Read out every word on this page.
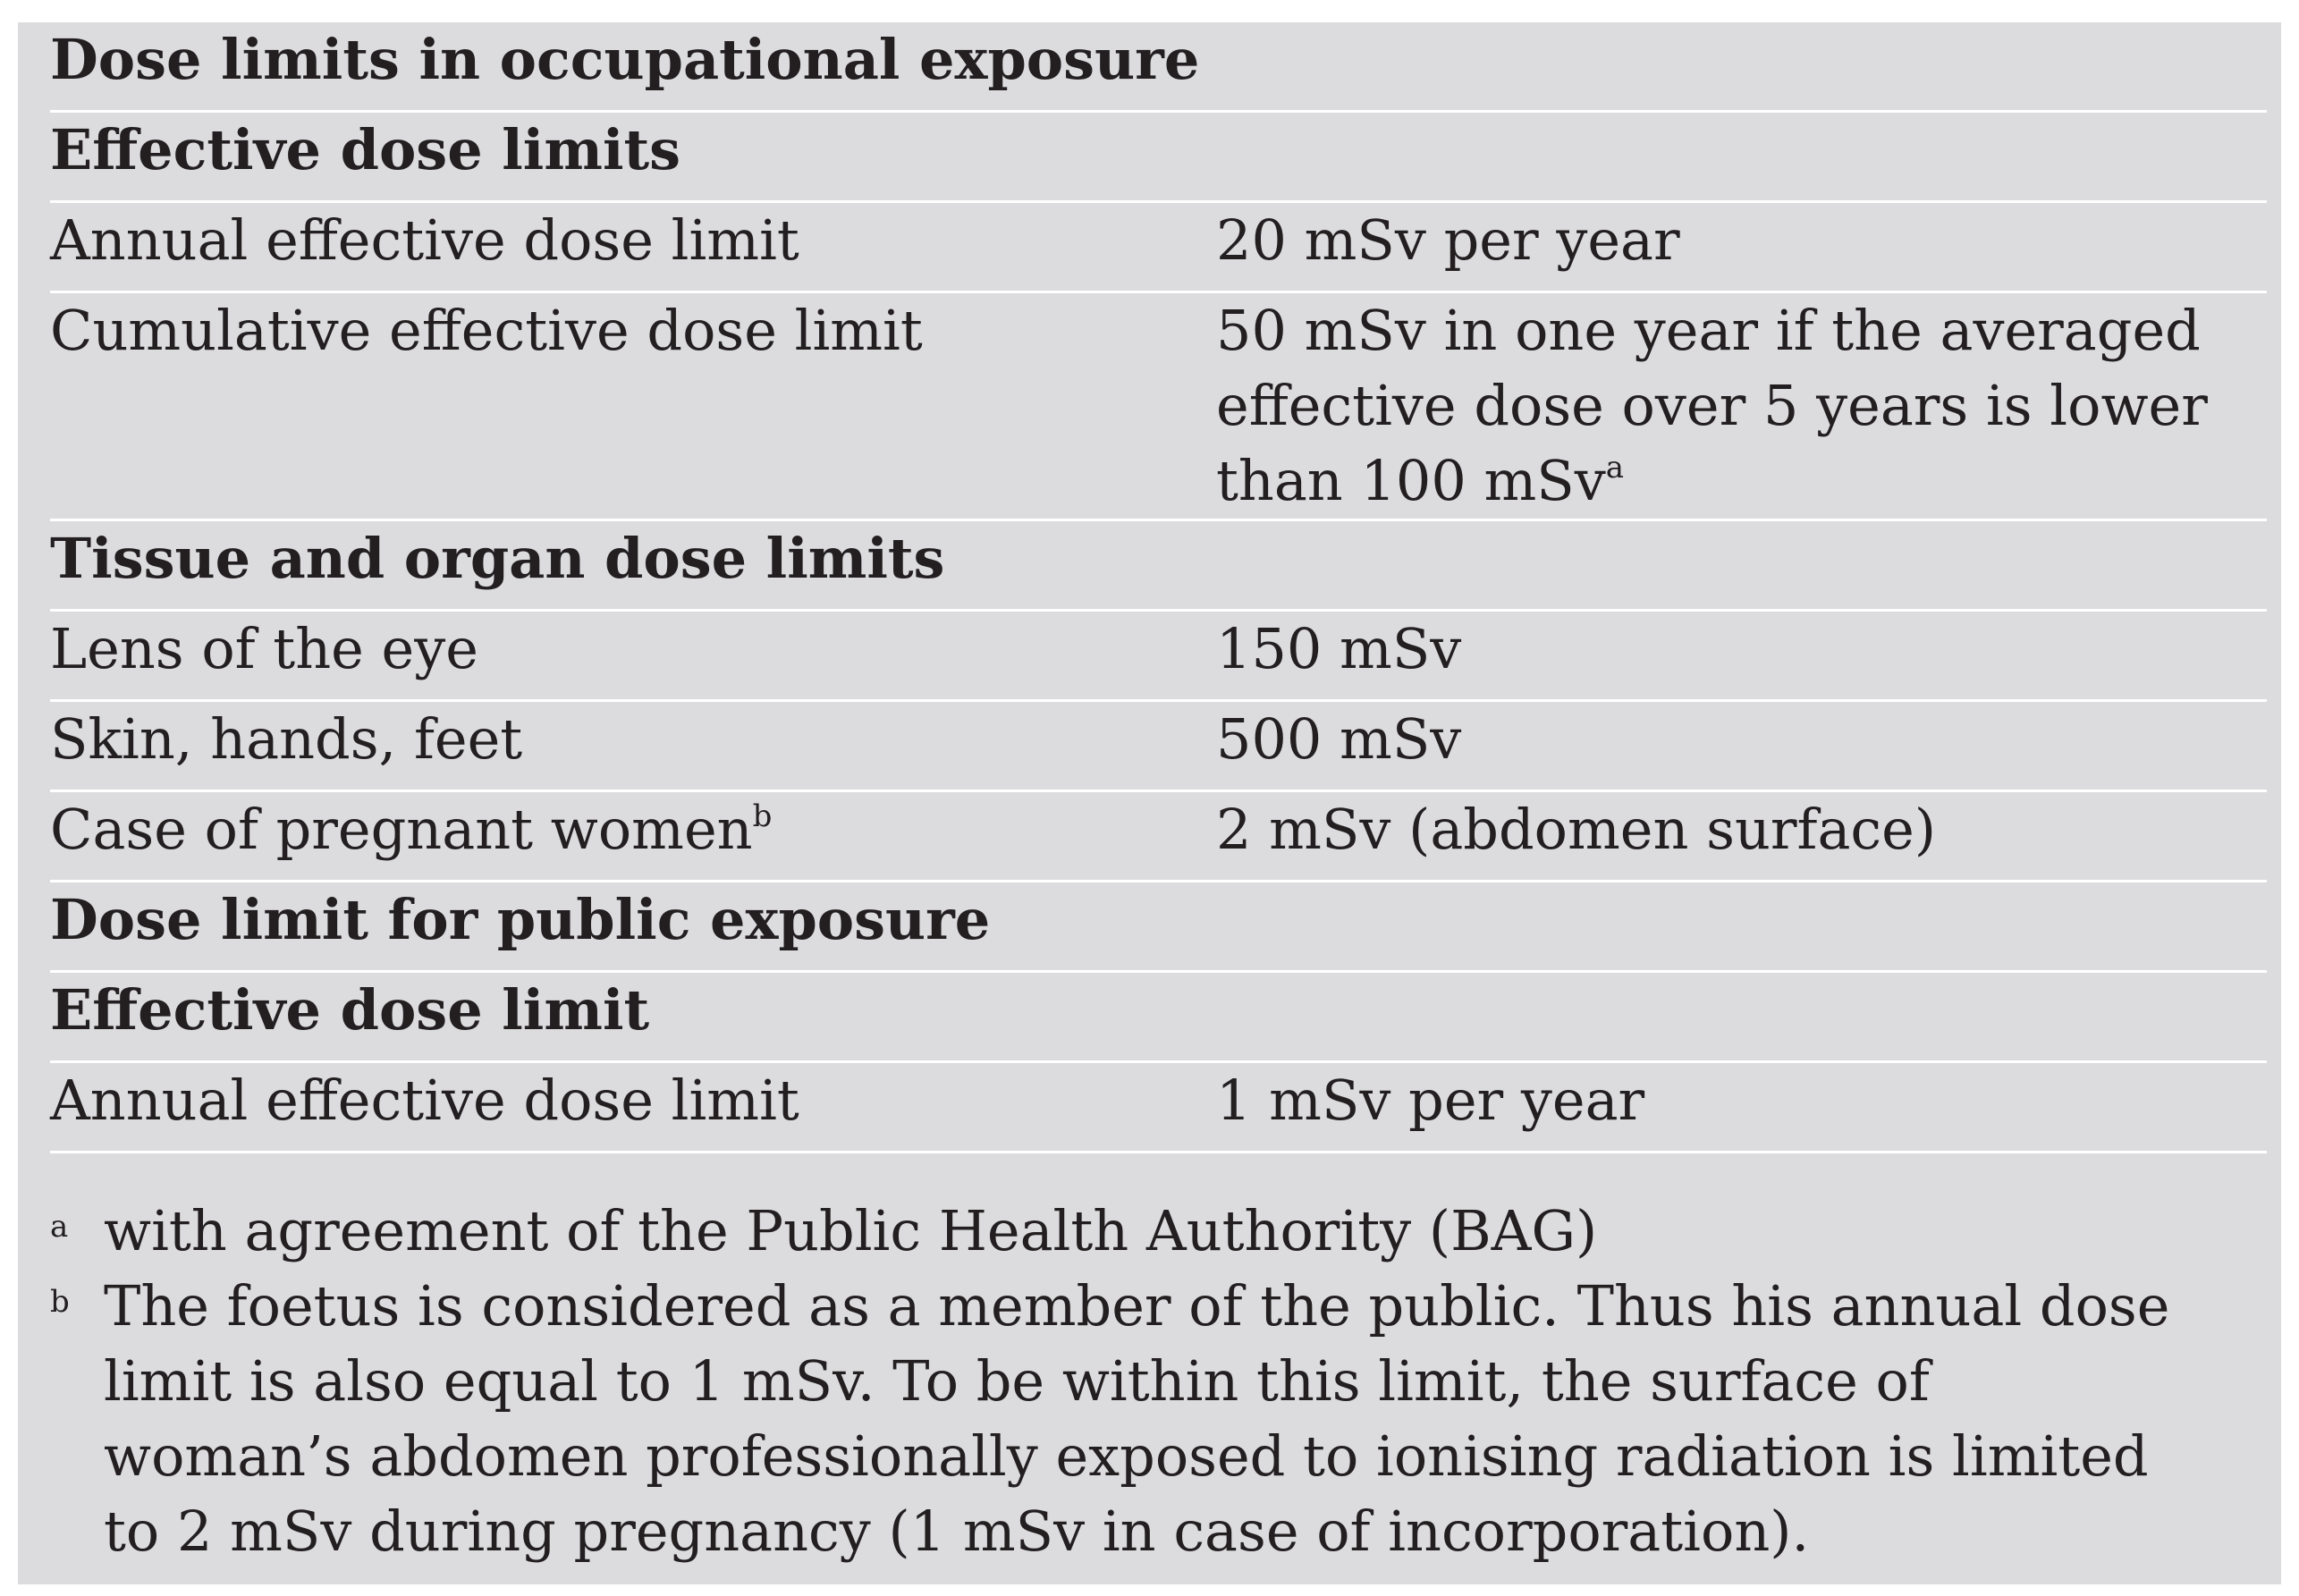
Dose limits in occupational exposure	
Effective dose limits	
Annual effective dose limit	20 mSv per year
Cumulative effective dose limit	50 mSv in one year if the averaged
effective dose over 5 years is lower
than 100 mSv$^a$

Tissue and organ dose limits	
Lens of the eye	150 mSv
Skin, hands, feet	500 mSv
Case of pregnant women$^b$	2 mSv (abdomen surface)
Dose limit for public exposure	
Effective dose limit	
Annual effective dose limit	1 mSv per year
a with agreement of the Public Health Authority (BAG)
b The foetus is considered as a member of the public. Thus his annual dose
limit is also equal to 1 mSv. To be within this limit, the surface of
woman’s abdomen professionally exposed to ionising radiation is limited
to 2 mSv during pregnancy (1 mSv in case of incorporation).
